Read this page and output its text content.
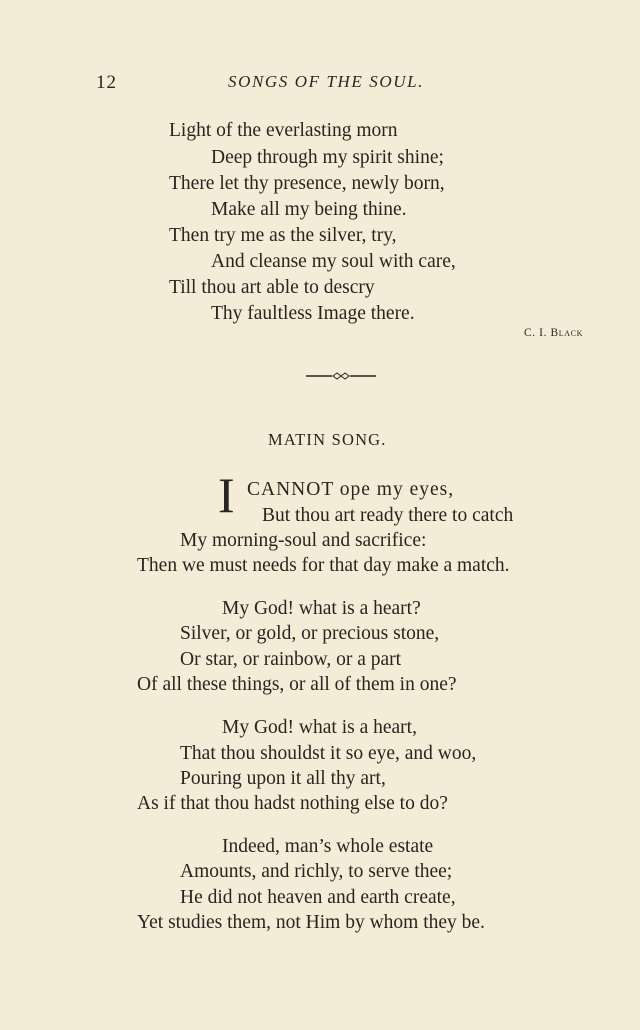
12	SONGS OF THE SOUL.
Light of the everlasting morn
Deep through my spirit shine;
There let thy presence, newly born,
Make all my being thine.
Then try me as the silver, try,
And cleanse my soul with care,
Till thou art able to descry
Thy faultless Image there.
C. I. Black
MATIN SONG.
I CANNOT ope my eyes,
But thou art ready there to catch
My morning-soul and sacrifice:
Then we must needs for that day make a match.
My God! what is a heart?
Silver, or gold, or precious stone,
Or star, or rainbow, or a part
Of all these things, or all of them in one?
My God! what is a heart,
That thou shouldst it so eye, and woo,
Pouring upon it all thy art,
As if that thou hadst nothing else to do?
Indeed, man’s whole estate
Amounts, and richly, to serve thee;
He did not heaven and earth create,
Yet studies them, not Him by whom they be.
